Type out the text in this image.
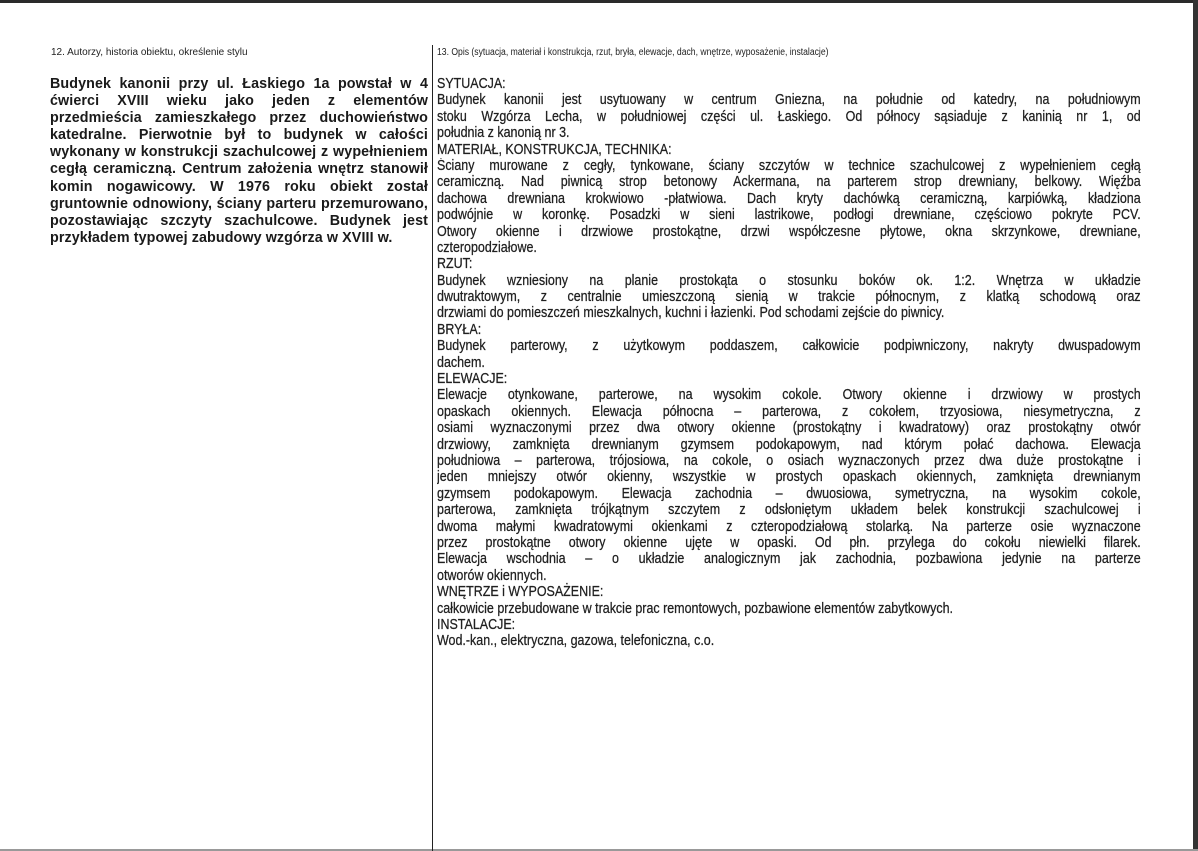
12. Autorzy, historia obiektu, określenie stylu	13. Opis (sytuacja, materiał i konstrukcja, rzut, bryła, elewacje, dach, wnętrze, wyposażenie, instalacje)
Budynek kanonii przy ul. Łaskiego 1a powstał w 4
ćwierci XVIII wieku jako jeden z elementów
przedmieścia zamieszkałego przez duchowieństwo
katedralne. Pierwotnie był to budynek w całości
wykonany w konstrukcji szachulcowej z wypełnieniem
cegłą ceramiczną. Centrum założenia wnętrz stanowił
komin nogawicowy. W 1976 roku obiekt został
gruntownie odnowiony, ściany parteru przemurowano,
pozostawiając szczyty szachulcowe. Budynek jest
przykładem typowej zabudowy wzgórza w XVIII w.
SYTUACJA:
Budynek kanonii jest usytuowany w centrum Gniezna, na południe od katedry, na południowym
stoku Wzgórza Lecha, w południowej części ul. Łaskiego. Od północy sąsiaduje z kaninią nr 1, od
południa z kanonią nr 3.
MATERIAŁ, KONSTRUKCJA, TECHNIKA:
Ściany murowane z cegły, tynkowane, ściany szczytów w technice szachulcowej z wypełnieniem cegłą
ceramiczną. Nad piwnicą strop betonowy Ackermana, na parterem strop drewniany, belkowy. Więźba
dachowa drewniana krokwiowo -płatwiowa. Dach kryty dachówką ceramiczną, karpiówką, kładziona
podwójnie w koronkę. Posadzki w sieni lastrikowe, podłogi drewniane, częściowo pokryte PCV.
Otwory okienne i drzwiowe prostokątne, drzwi współczesne płytowe, okna skrzynkowe, drewniane,
czteropodziałowe.
RZUT:
Budynek wzniesiony na planie prostokąta o stosunku boków ok. 1:2. Wnętrza w układzie
dwutraktowym, z centralnie umieszczoną sienią w trakcie północnym, z klatką schodową oraz
drzwiami do pomieszczeń mieszkalnych, kuchni i łazienki. Pod schodami zejście do piwnicy.
BRYŁA:
Budynek parterowy, z użytkowym poddaszem, całkowicie podpiwniczony, nakryty dwuspadowym
dachem.
ELEWACJE:
Elewacje otynkowane, parterowe, na wysokim cokole. Otwory okienne i drzwiowy w prostych
opaskach okiennych. Elewacja północna – parterowa, z cokołem, trzyosiowa, niesymetryczna, z
osiami wyznaczonymi przez dwa otwory okienne (prostokątny i kwadratowy) oraz prostokątny otwór
drzwiowy, zamknięta drewnianym gzymsem podokapowym, nad którym połać dachowa. Elewacja
południowa – parterowa, trójosiowa, na cokole, o osiach wyznaczonych przez dwa duże prostokątne i
jeden mniejszy otwór okienny, wszystkie w prostych opaskach okiennych, zamknięta drewnianym
gzymsem podokapowym. Elewacja zachodnia – dwuosiowa, symetryczna, na wysokim cokole,
parterowa, zamknięta trójkątnym szczytem z odsłoniętym układem belek konstrukcji szachulcowej i
dwoma małymi kwadratowymi okienkami z czteropodziałową stolarką. Na parterze osie wyznaczone
przez prostokątne otwory okienne ujęte w opaski. Od płn. przylega do cokołu niewielki filarek.
Elewacja wschodnia – o układzie analogicznym jak zachodnia, pozbawiona jedynie na parterze
otworów okiennych.
WNĘTRZE i WYPOSAŻENIE:
całkowicie przebudowane w trakcie prac remontowych, pozbawione elementów zabytkowych.
INSTALACJE:
Wod.-kan., elektryczna, gazowa, telefoniczna, c.o.
